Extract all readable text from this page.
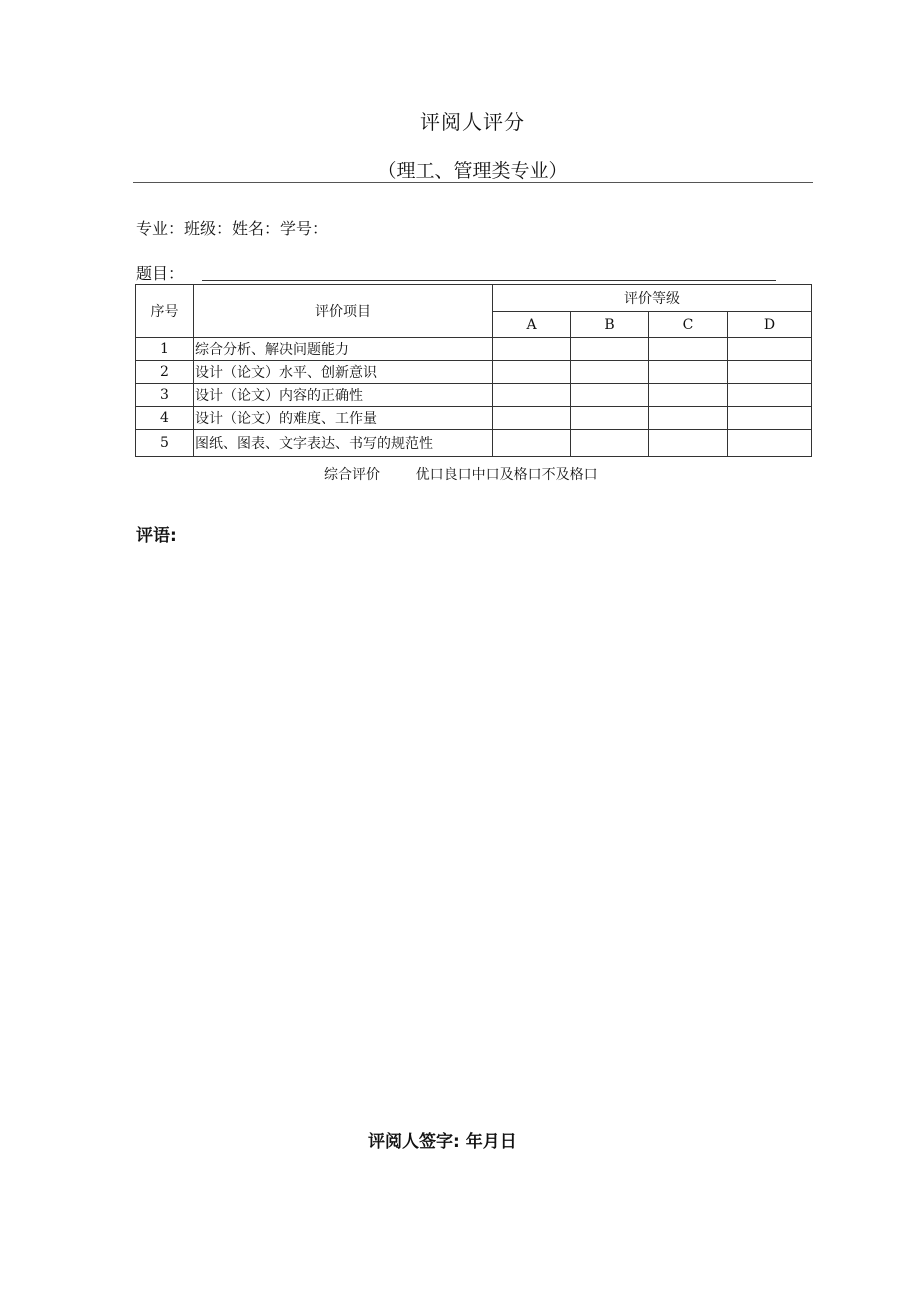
评阅人评分
（理工、管理类专业）
专业：班级：姓名：学号：
题目：
序号	评价项目	评价等级			
		A	B	C	D
1	综合分析、解决问题能力				
2	设计（论文）水平、创新意识				
3	设计（论文）内容的正确性				
4	设计（论文）的难度、工作量				
5	图纸、图表、文字表达、书写的规范性				
综合评价	优口良口中口及格口不及格口
评语:
评阅人签字: 年月日
